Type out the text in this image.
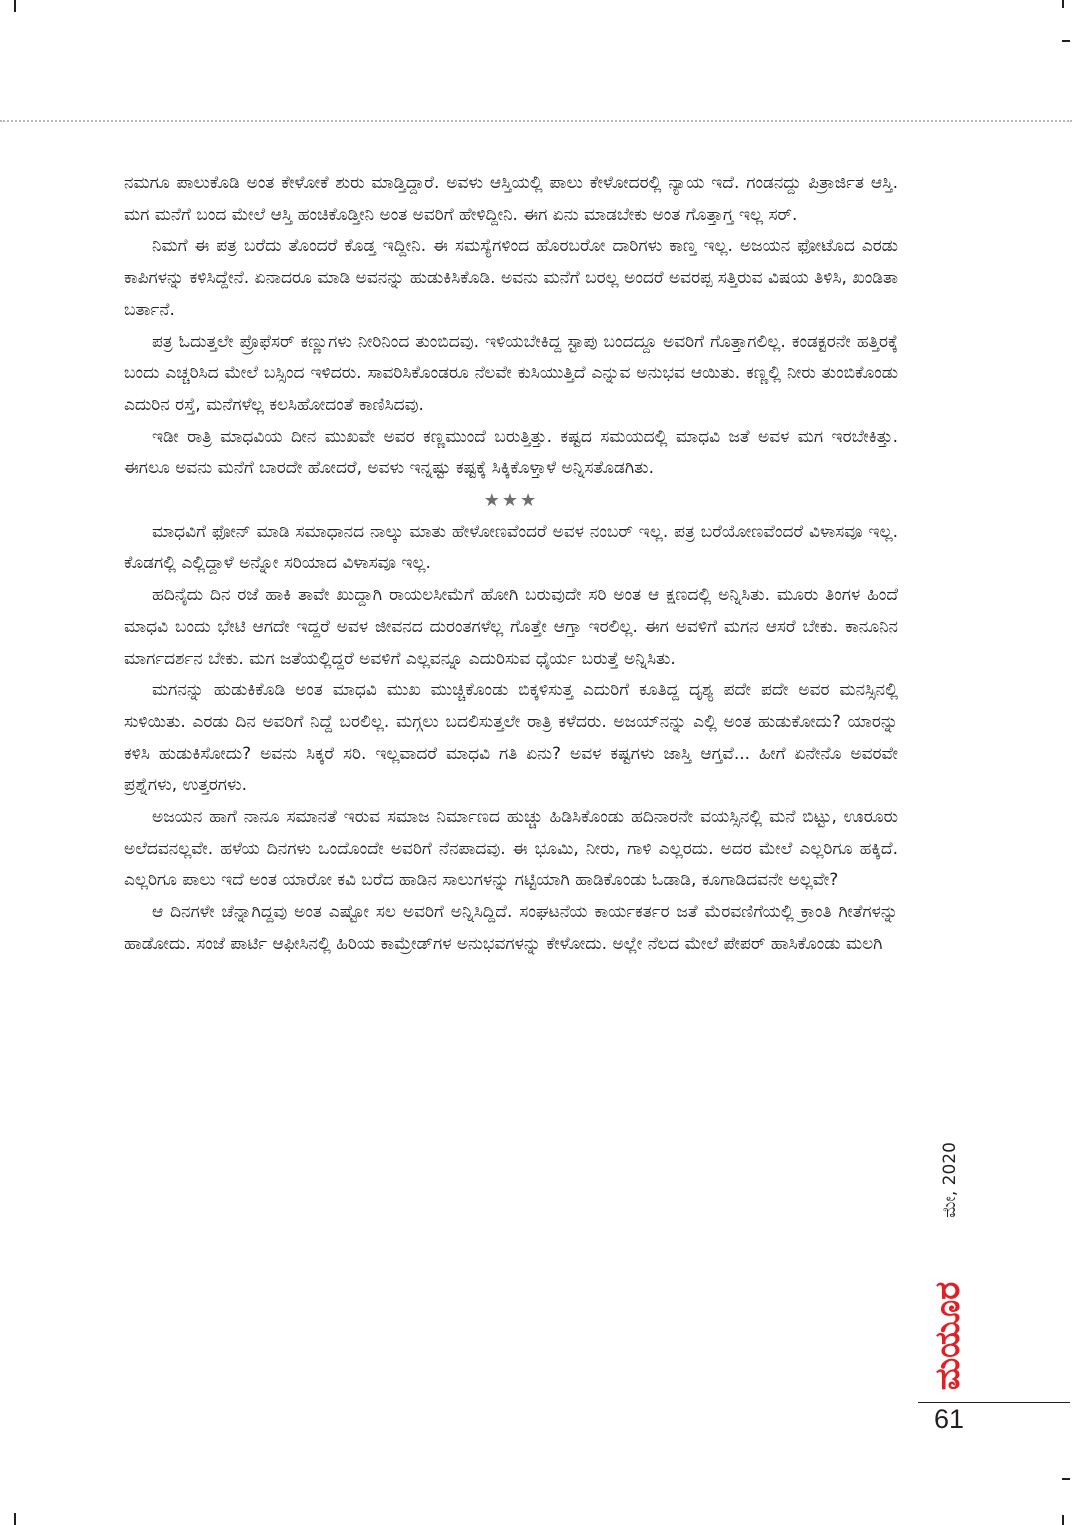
ನಮಗೂ ಪಾಲುಕೊಡಿ ಅಂತ ಕೇಳೋಕೆ ಶುರು ಮಾಡ್ತಿದ್ದಾರೆ. ಅವಳು ಆಸ್ತಿಯಲ್ಲಿ ಪಾಲು ಕೇಳೋದರಲ್ಲಿ ನ್ಯಾಯ ಇದೆ. ಗಂಡನದ್ದು ಪಿತ್ರಾರ್ಜಿತ ಆಸ್ತಿ. ಮಗ ಮನೆಗೆ ಬಂದ ಮೇಲೆ ಆಸ್ತಿ ಹಂಚಿಕೊಡ್ತೀನಿ ಅಂತ ಅವರಿಗೆ ಹೇಳಿದ್ದೀನಿ. ಈಗ ಏನು ಮಾಡಬೇಕು ಅಂತ ಗೊತ್ತಾಗ್ತ ಇಲ್ಲ ಸರ್.

ನಿಮಗೆ ಈ ಪತ್ರ ಬರೆದು ತೊಂದರೆ ಕೊಡ್ತ ಇದ್ದೀನಿ. ಈ ಸಮಸ್ಯೆಗಳಿಂದ ಹೊರಬರೋ ದಾರಿಗಳು ಕಾಣ್ತ ಇಲ್ಲ. ಅಜಯನ ಫೋಟೊದ ಎರಡು ಕಾಪಿಗಳನ್ನು ಕಳಿಸಿದ್ದೇನೆ. ಏನಾದರೂ ಮಾಡಿ ಅವನನ್ನು ಹುಡುಕಿಸಿಕೊಡಿ. ಅವನು ಮನೆಗೆ ಬರಲ್ಲ ಅಂದರೆ ಅವರಪ್ಪ ಸತ್ತಿರುವ ವಿಷಯ ತಿಳಿಸಿ, ಖಂಡಿತಾ ಬರ್ತಾನೆ.

ಪತ್ರ ಓದುತ್ತಲೇ ಪ್ರೊಫೆಸರ್ ಕಣ್ಣುಗಳು ನೀರಿನಿಂದ ತುಂಬಿದವು. ಇಳಿಯಬೇಕಿದ್ದ ಸ್ಟಾಪು ಬಂದದ್ದೂ ಅವರಿಗೆ ಗೊತ್ತಾಗಲಿಲ್ಲ. ಕಂಡಕ್ಟರನೇ ಹತ್ತಿರಕ್ಕೆ ಬಂದು ಎಚ್ಚರಿಸಿದ ಮೇಲೆ ಬಸ್ಸಿಂದ ಇಳಿದರು. ಸಾವರಿಸಿಕೊಂಡರೂ ನೆಲವೇ ಕುಸಿಯುತ್ತಿದೆ ಎನ್ನುವ ಅನುಭವ ಆಯಿತು. ಕಣ್ಣಲ್ಲಿ ನೀರು ತುಂಬಿಕೊಂಡು ಎದುರಿನ ರಸ್ತೆ, ಮನೆಗಳೆಲ್ಲ ಕಲಸಿಹೋದಂತೆ ಕಾಣಿಸಿದವು.

ಇಡೀ ರಾತ್ರಿ ಮಾಧವಿಯ ದೀನ ಮುಖವೇ ಅವರ ಕಣ್ಣಮುಂದೆ ಬರುತ್ತಿತ್ತು. ಕಷ್ಟದ ಸಮಯದಲ್ಲಿ ಮಾಧವಿ ಜತೆ ಅವಳ ಮಗ ಇರಬೇಕಿತ್ತು. ಈಗಲೂ ಅವನು ಮನೆಗೆ ಬಾರದೇ ಹೋದರೆ, ಅವಳು ಇನ್ನಷ್ಟು ಕಷ್ಟಕ್ಕೆ ಸಿಕ್ಕಿಕೊಳ್ತಾಳೆ ಅನ್ನಿಸತೊಡಗಿತು.

★★★

ಮಾಧವಿಗೆ ಫೋನ್ ಮಾಡಿ ಸಮಾಧಾನದ ನಾಲ್ಕು ಮಾತು ಹೇಳೋಣವೆಂದರೆ ಅವಳ ನಂಬರ್ ಇಲ್ಲ. ಪತ್ರ ಬರೆಯೋಣವೆಂದರೆ ವಿಳಾಸವೂ ಇಲ್ಲ. ಕೊಡಗಲ್ಲಿ ಎಲ್ಲಿದ್ದಾಳೆ ಅನ್ನೋ ಸರಿಯಾದ ವಿಳಾಸವೂ ಇಲ್ಲ.

ಹದಿನೈದು ದಿನ ರಜೆ ಹಾಕಿ ತಾವೇ ಖುದ್ದಾಗಿ ರಾಯಲಸೀಮೆಗೆ ಹೋಗಿ ಬರುವುದೇ ಸರಿ ಅಂತ ಆ ಕ್ಷಣದಲ್ಲಿ ಅನ್ನಿಸಿತು. ಮೂರು ತಿಂಗಳ ಹಿಂದೆ ಮಾಧವಿ ಬಂದು ಭೇಟಿ ಆಗದೇ ಇದ್ದರೆ ಅವಳ ಜೀವನದ ದುರಂತಗಳೆಲ್ಲ ಗೊತ್ತೇ ಆಗ್ತಾ ಇರಲಿಲ್ಲ. ಈಗ ಅವಳಿಗೆ ಮಗನ ಆಸರೆ ಬೇಕು. ಕಾನೂನಿನ ಮಾರ್ಗದರ್ಶನ ಬೇಕು. ಮಗ ಜತೆಯಲ್ಲಿದ್ದರೆ ಅವಳಿಗೆ ಎಲ್ಲವನ್ನೂ ಎದುರಿಸುವ ಧೈರ್ಯ ಬರುತ್ತೆ ಅನ್ನಿಸಿತು.

ಮಗನನ್ನು ಹುಡುಕಿಕೊಡಿ ಅಂತ ಮಾಧವಿ ಮುಖ ಮುಚ್ಚಿಕೊಂಡು ಬಿಕ್ಕಳಿಸುತ್ತ ಎದುರಿಗೆ ಕೂತಿದ್ದ ದೃಶ್ಯ ಪದೇ ಪದೇ ಅವರ ಮನಸ್ಸಿನಲ್ಲಿ ಸುಳಿಯಿತು. ಎರಡು ದಿನ ಅವರಿಗೆ ನಿದ್ದೆ ಬರಲಿಲ್ಲ. ಮಗ್ಗಲು ಬದಲಿಸುತ್ತಲೇ ರಾತ್ರಿ ಕಳೆದರು. ಅಜಯ್‌ನನ್ನು ಎಲ್ಲಿ ಅಂತ ಹುಡುಕೋದು? ಯಾರನ್ನು ಕಳಿಸಿ ಹುಡುಕಿಸೋದು? ಅವನು ಸಿಕ್ಕರೆ ಸರಿ. ಇಲ್ಲವಾದರೆ ಮಾಧವಿ ಗತಿ ಏನು? ಅವಳ ಕಷ್ಟಗಳು ಜಾಸ್ತಿ ಆಗ್ತವೆ... ಹೀಗೆ ಏನೇನೊ ಅವರವೇ ಪ್ರಶ್ನೆಗಳು, ಉತ್ತರಗಳು.

ಅಜಯನ ಹಾಗೆ ನಾನೂ ಸಮಾನತೆ ಇರುವ ಸಮಾಜ ನಿರ್ಮಾಣದ ಹುಚ್ಚು ಹಿಡಿಸಿಕೊಂಡು ಹದಿನಾರನೇ ವಯಸ್ಸಿನಲ್ಲಿ ಮನೆ ಬಿಟ್ಟು, ಊರೂರು ಅಲೆದವನಲ್ಲವೇ. ಹಳೆಯ ದಿನಗಳು ಒಂದೊಂದೇ ಅವರಿಗೆ ನೆನಪಾದವು. ಈ ಭೂಮಿ, ನೀರು, ಗಾಳಿ ಎಲ್ಲರದು. ಅದರ ಮೇಲೆ ಎಲ್ಲರಿಗೂ ಹಕ್ಕಿದೆ. ಎಲ್ಲರಿಗೂ ಪಾಲು ಇದೆ ಅಂತ ಯಾರೋ ಕವಿ ಬರೆದ ಹಾಡಿನ ಸಾಲುಗಳನ್ನು ಗಟ್ಟಿಯಾಗಿ ಹಾಡಿಕೊಂಡು ಓಡಾಡಿ, ಕೂಗಾಡಿದವನೇ ಅಲ್ಲವೇ?

ಆ ದಿನಗಳೇ ಚೆನ್ನಾಗಿದ್ದವು ಅಂತ ಎಷ್ಟೋ ಸಲ ಅವರಿಗೆ ಅನ್ನಿಸಿದ್ದಿದೆ. ಸಂಘಟನೆಯ ಕಾರ್ಯಕರ್ತರ ಜತೆ ಮೆರವಣಿಗೆಯಲ್ಲಿ ಕ್ರಾಂತಿ ಗೀತೆಗಳನ್ನು ಹಾಡೋದು. ಸಂಜೆ ಪಾರ್ಟಿ ಆಫೀಸಿನಲ್ಲಿ ಹಿರಿಯ ಕಾಮ್ರೇಡ್‌ಗಳ ಅನುಭವಗಳನ್ನು ಕೇಳೋದು. ಅಲ್ಲೇ ನೆಲದ ಮೇಲೆ ಪೇಪರ್ ಹಾಸಿಕೊಂಡು ಮಲಗಿ

ಮೇ, 2020
ಮಯೂರ
61
